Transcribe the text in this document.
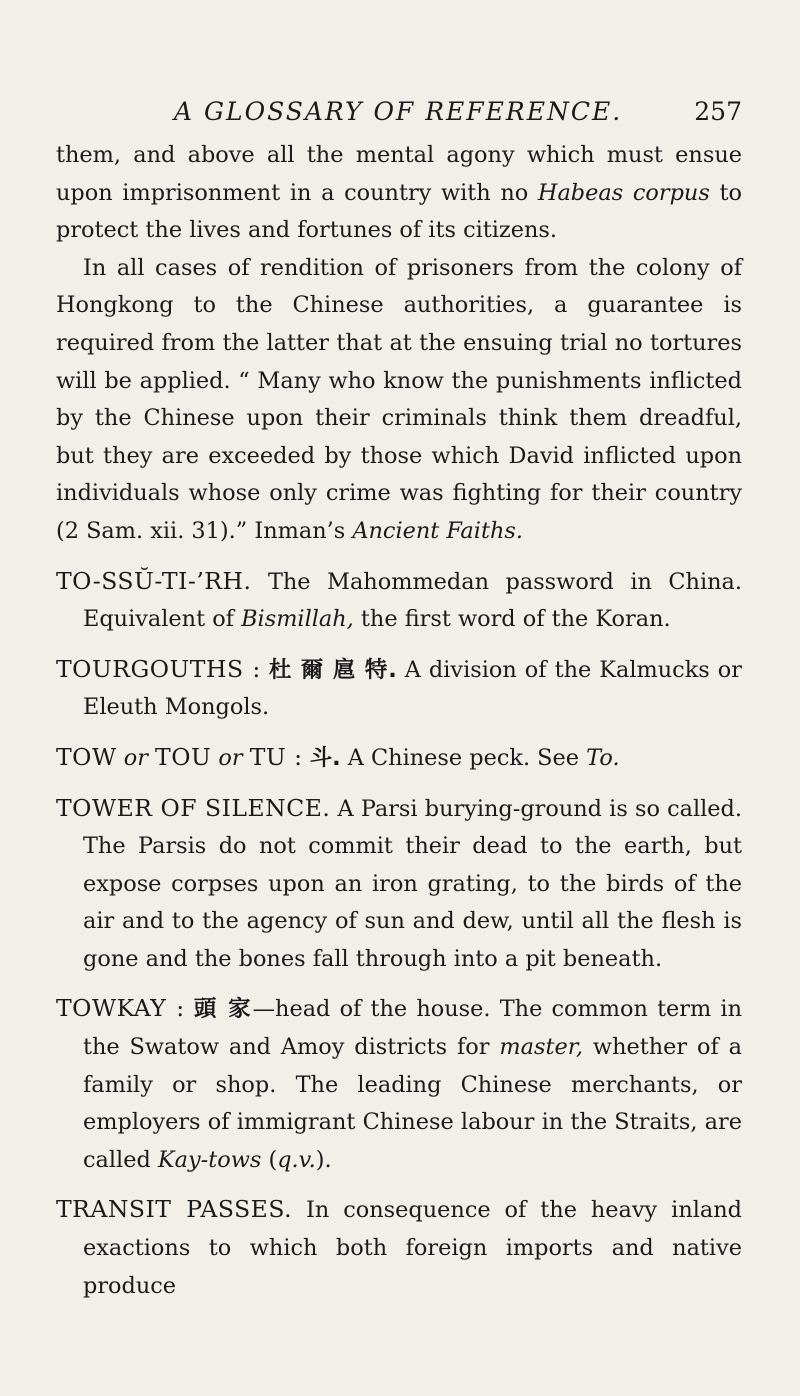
A GLOSSARY OF REFERENCE.	257

them, and above all the mental agony which must ensue upon imprisonment in a country with no Habeas corpus to protect the lives and fortunes of its citizens.

In all cases of rendition of prisoners from the colony of Hongkong to the Chinese authorities, a guarantee is required from the latter that at the ensuing trial no tortures will be applied. “ Many who know the punishments inflicted by the Chinese upon their criminals think them dreadful, but they are exceeded by those which David inflicted upon individuals whose only crime was fighting for their country (2 Sam. xii. 31).” Inman’s Ancient Faiths.

TO-SSŬ-TI-’RH. The Mahommedan password in China. Equivalent of Bismillah, the first word of the Koran.

TOURGOUTHS : 杜 爾 扈 特. A division of the Kalmucks or Eleuth Mongols.

TOW or TOU or TU : 斗. A Chinese peck. See To.

TOWER OF SILENCE. A Parsi burying-ground is so called. The Parsis do not commit their dead to the earth, but expose corpses upon an iron grating, to the birds of the air and to the agency of sun and dew, until all the flesh is gone and the bones fall through into a pit beneath.

TOWKAY : 頭 家—head of the house. The common term in the Swatow and Amoy districts for master, whether of a family or shop. The leading Chinese merchants, or employers of immigrant Chinese labour in the Straits, are called Kay-tows (q.v.).

TRANSIT PASSES. In consequence of the heavy inland exactions to which both foreign imports and native produce
